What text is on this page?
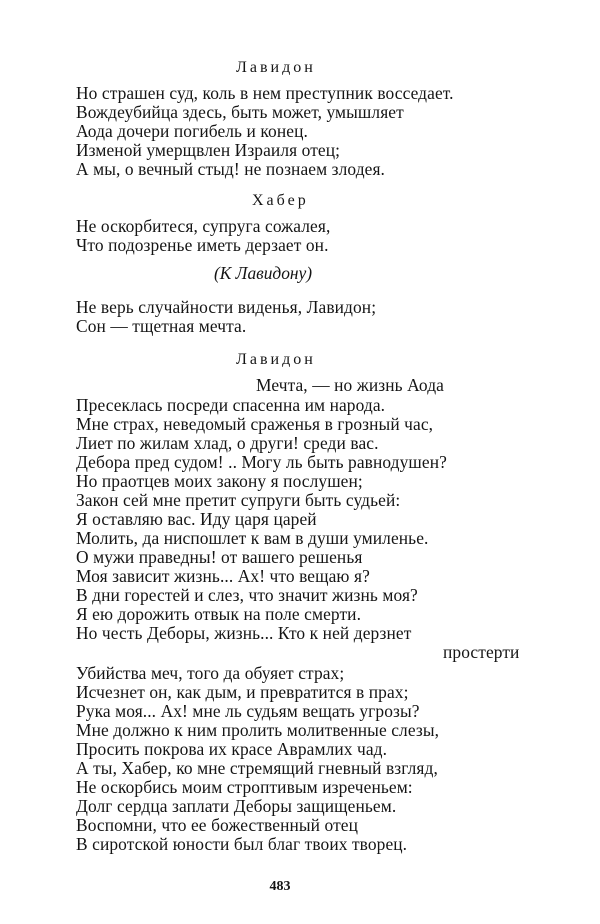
Лавидон
Но страшен суд, коль в нем преступник восседает.
Вождеубийца здесь, быть может, умышляет
Аода дочери погибель и конец.
Изменой умерщвлен Израиля отец;
А мы, о вечный стыд! не познаем злодея.
Хабер
Не оскорбитеся, супруга сожалея,
Что подозренье иметь дерзает он.
(К Лавидону)
Не верь случайности виденья, Лавидон;
Сон — тщетная мечта.
Лавидон
Мечта, — но жизнь Аода
Пресеклась посреди спасенна им народа.
Мне страх, неведомый сраженья в грозный час,
Лиет по жилам хлад, о други! среди вас.
Дебора пред судом! .. Могу ль быть равнодушен?
Но праотцев моих закону я послушен;
Закон сей мне претит супруги быть судьей:
Я оставляю вас. Иду царя царей
Молить, да ниспошлет к вам в души умиленье.
О мужи праведны! от вашего решенья
Моя зависит жизнь... Ах! что вещаю я?
В дни горестей и слез, что значит жизнь моя?
Я ею дорожить отвык на поле смерти.
Но честь Деборы, жизнь... Кто к ней дерзнет
простерти
Убийства меч, того да обуяет страх;
Исчезнет он, как дым, и превратится в прах;
Рука моя... Ах! мне ль судьям вещать угрозы?
Мне должно к ним пролить молитвенные слезы,
Просить покрова их красе Аврамлих чад.
А ты, Хабер, ко мне стремящий гневный взгляд,
Не оскорбись моим строптивым изреченьем:
Долг сердца заплати Деборы защищеньем.
Воспомни, что ее божественный отец
В сиротской юности был благ твоих творец.
483
